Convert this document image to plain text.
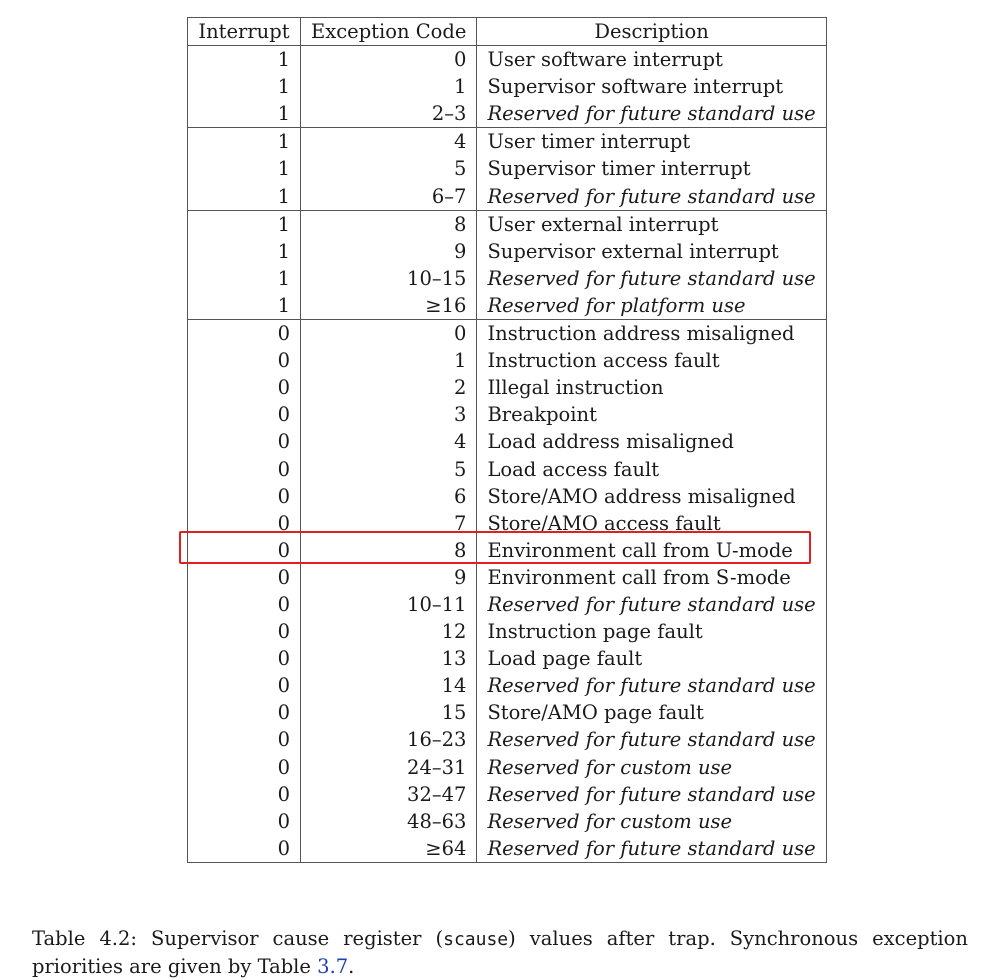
Interrupt	Exception Code	Description
1	0	User software interrupt
1	1	Supervisor software interrupt
1	2–3	Reserved for future standard use
1	4	User timer interrupt
1	5	Supervisor timer interrupt
1	6–7	Reserved for future standard use
1	8	User external interrupt
1	9	Supervisor external interrupt
1	10–15	Reserved for future standard use
1	≥16	Reserved for platform use
0	0	Instruction address misaligned
0	1	Instruction access fault
0	2	Illegal instruction
0	3	Breakpoint
0	4	Load address misaligned
0	5	Load access fault
0	6	Store/AMO address misaligned
0	7	Store/AMO access fault
0	8	Environment call from U-mode
0	9	Environment call from S-mode
0	10–11	Reserved for future standard use
0	12	Instruction page fault
0	13	Load page fault
0	14	Reserved for future standard use
0	15	Store/AMO page fault
0	16–23	Reserved for future standard use
0	24–31	Reserved for custom use
0	32–47	Reserved for future standard use
0	48–63	Reserved for custom use
0	≥64	Reserved for future standard use

Table 4.2: Supervisor cause register (scause) values after trap. Synchronous exception priorities are given by Table 3.7.
